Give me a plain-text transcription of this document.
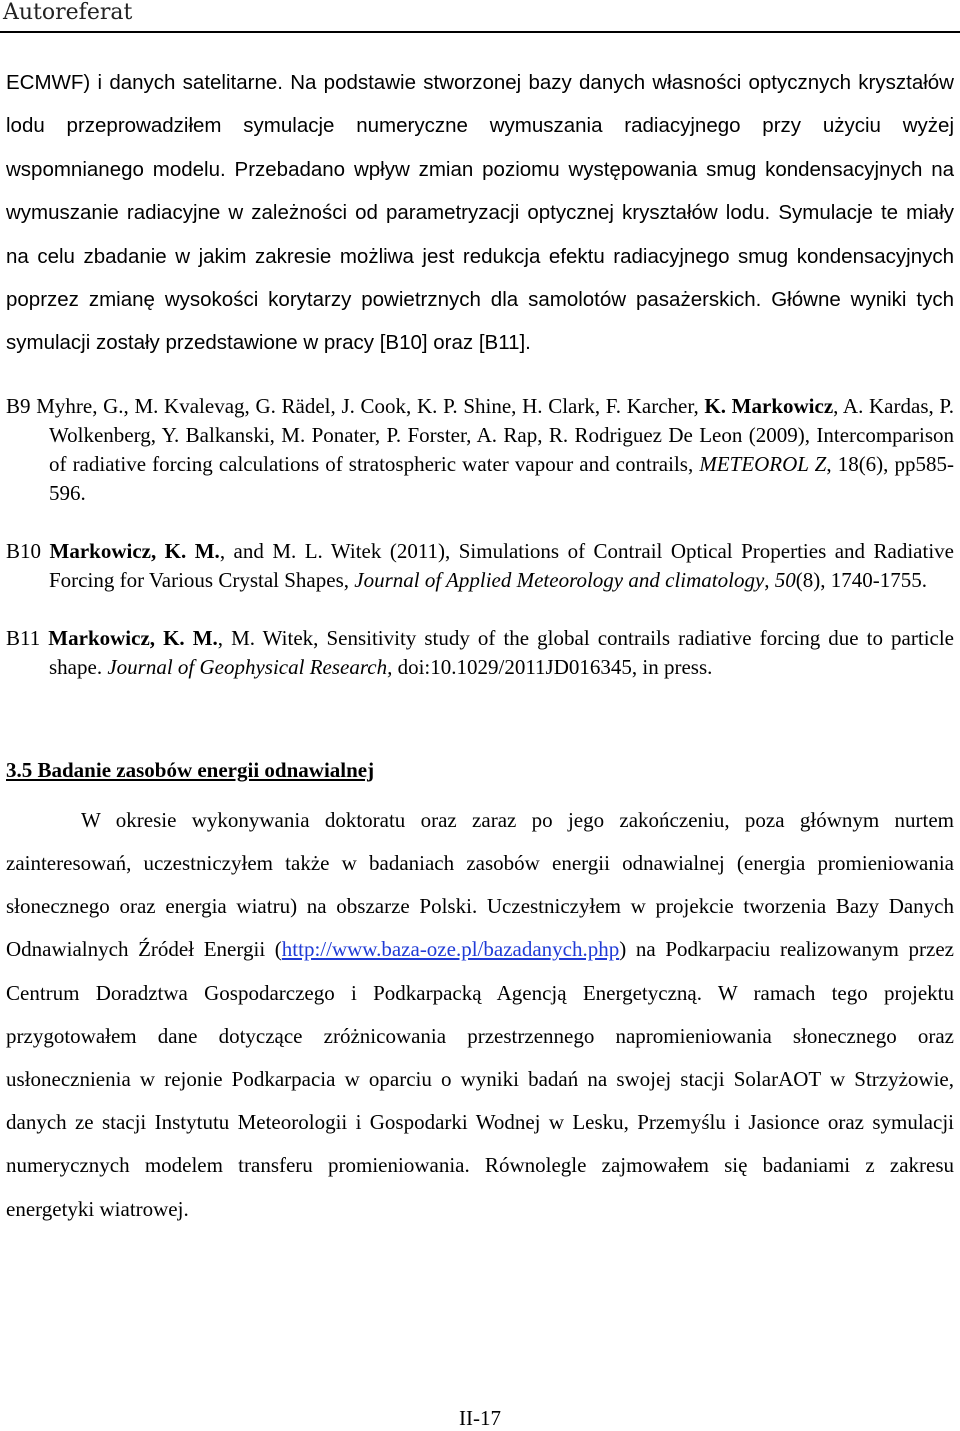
Autoreferat

ECMWF) i danych satelitarne. Na podstawie stworzonej bazy danych własności optycznych kryształów lodu przeprowadziłem symulacje numeryczne wymuszania radiacyjnego przy użyciu wyżej wspomnianego modelu. Przebadano wpływ zmian poziomu występowania smug kondensacyjnych na wymuszanie radiacyjne w zależności od parametryzacji optycznej kryształów lodu. Symulacje te miały na celu zbadanie w jakim zakresie możliwa jest redukcja efektu radiacyjnego smug kondensacyjnych poprzez zmianę wysokości korytarzy powietrznych dla samolotów pasażerskich. Główne wyniki tych symulacji zostały przedstawione w pracy [B10] oraz [B11].

B9 Myhre, G., M. Kvalevag, G. Rädel, J. Cook, K. P. Shine, H. Clark, F. Karcher, K. Markowicz, A. Kardas, P. Wolkenberg, Y. Balkanski, M. Ponater, P. Forster, A. Rap, R. Rodriguez De Leon (2009), Intercomparison of radiative forcing calculations of stratospheric water vapour and contrails, METEOROL Z, 18(6), pp585-596.

B10 Markowicz, K. M., and M. L. Witek (2011), Simulations of Contrail Optical Properties and Radiative Forcing for Various Crystal Shapes, Journal of Applied Meteorology and climatology, 50(8), 1740-1755.

B11 Markowicz, K. M., M. Witek, Sensitivity study of the global contrails radiative forcing due to particle shape. Journal of Geophysical Research, doi:10.1029/2011JD016345, in press.

3.5 Badanie zasobów energii odnawialnej

W okresie wykonywania doktoratu oraz zaraz po jego zakończeniu, poza głównym nurtem zainteresowań, uczestniczyłem także w badaniach zasobów energii odnawialnej (energia promieniowania słonecznego oraz energia wiatru) na obszarze Polski. Uczestniczyłem w projekcie tworzenia Bazy Danych Odnawialnych Źródeł Energii (http://www.baza-oze.pl/bazadanych.php) na Podkarpaciu realizowanym przez Centrum Doradztwa Gospodarczego i Podkarpacką Agencją Energetyczną. W ramach tego projektu przygotowałem dane dotyczące zróżnicowania przestrzennego napromieniowania słonecznego oraz usłonecznienia w rejonie Podkarpacia w oparciu o wyniki badań na swojej stacji SolarAOT w Strzyżowie, danych ze stacji Instytutu Meteorologii i Gospodarki Wodnej w Lesku, Przemyślu i Jasionce oraz symulacji numerycznych modelem transferu promieniowania. Równolegle zajmowałem się badaniami z zakresu energetyki wiatrowej.

II-17
